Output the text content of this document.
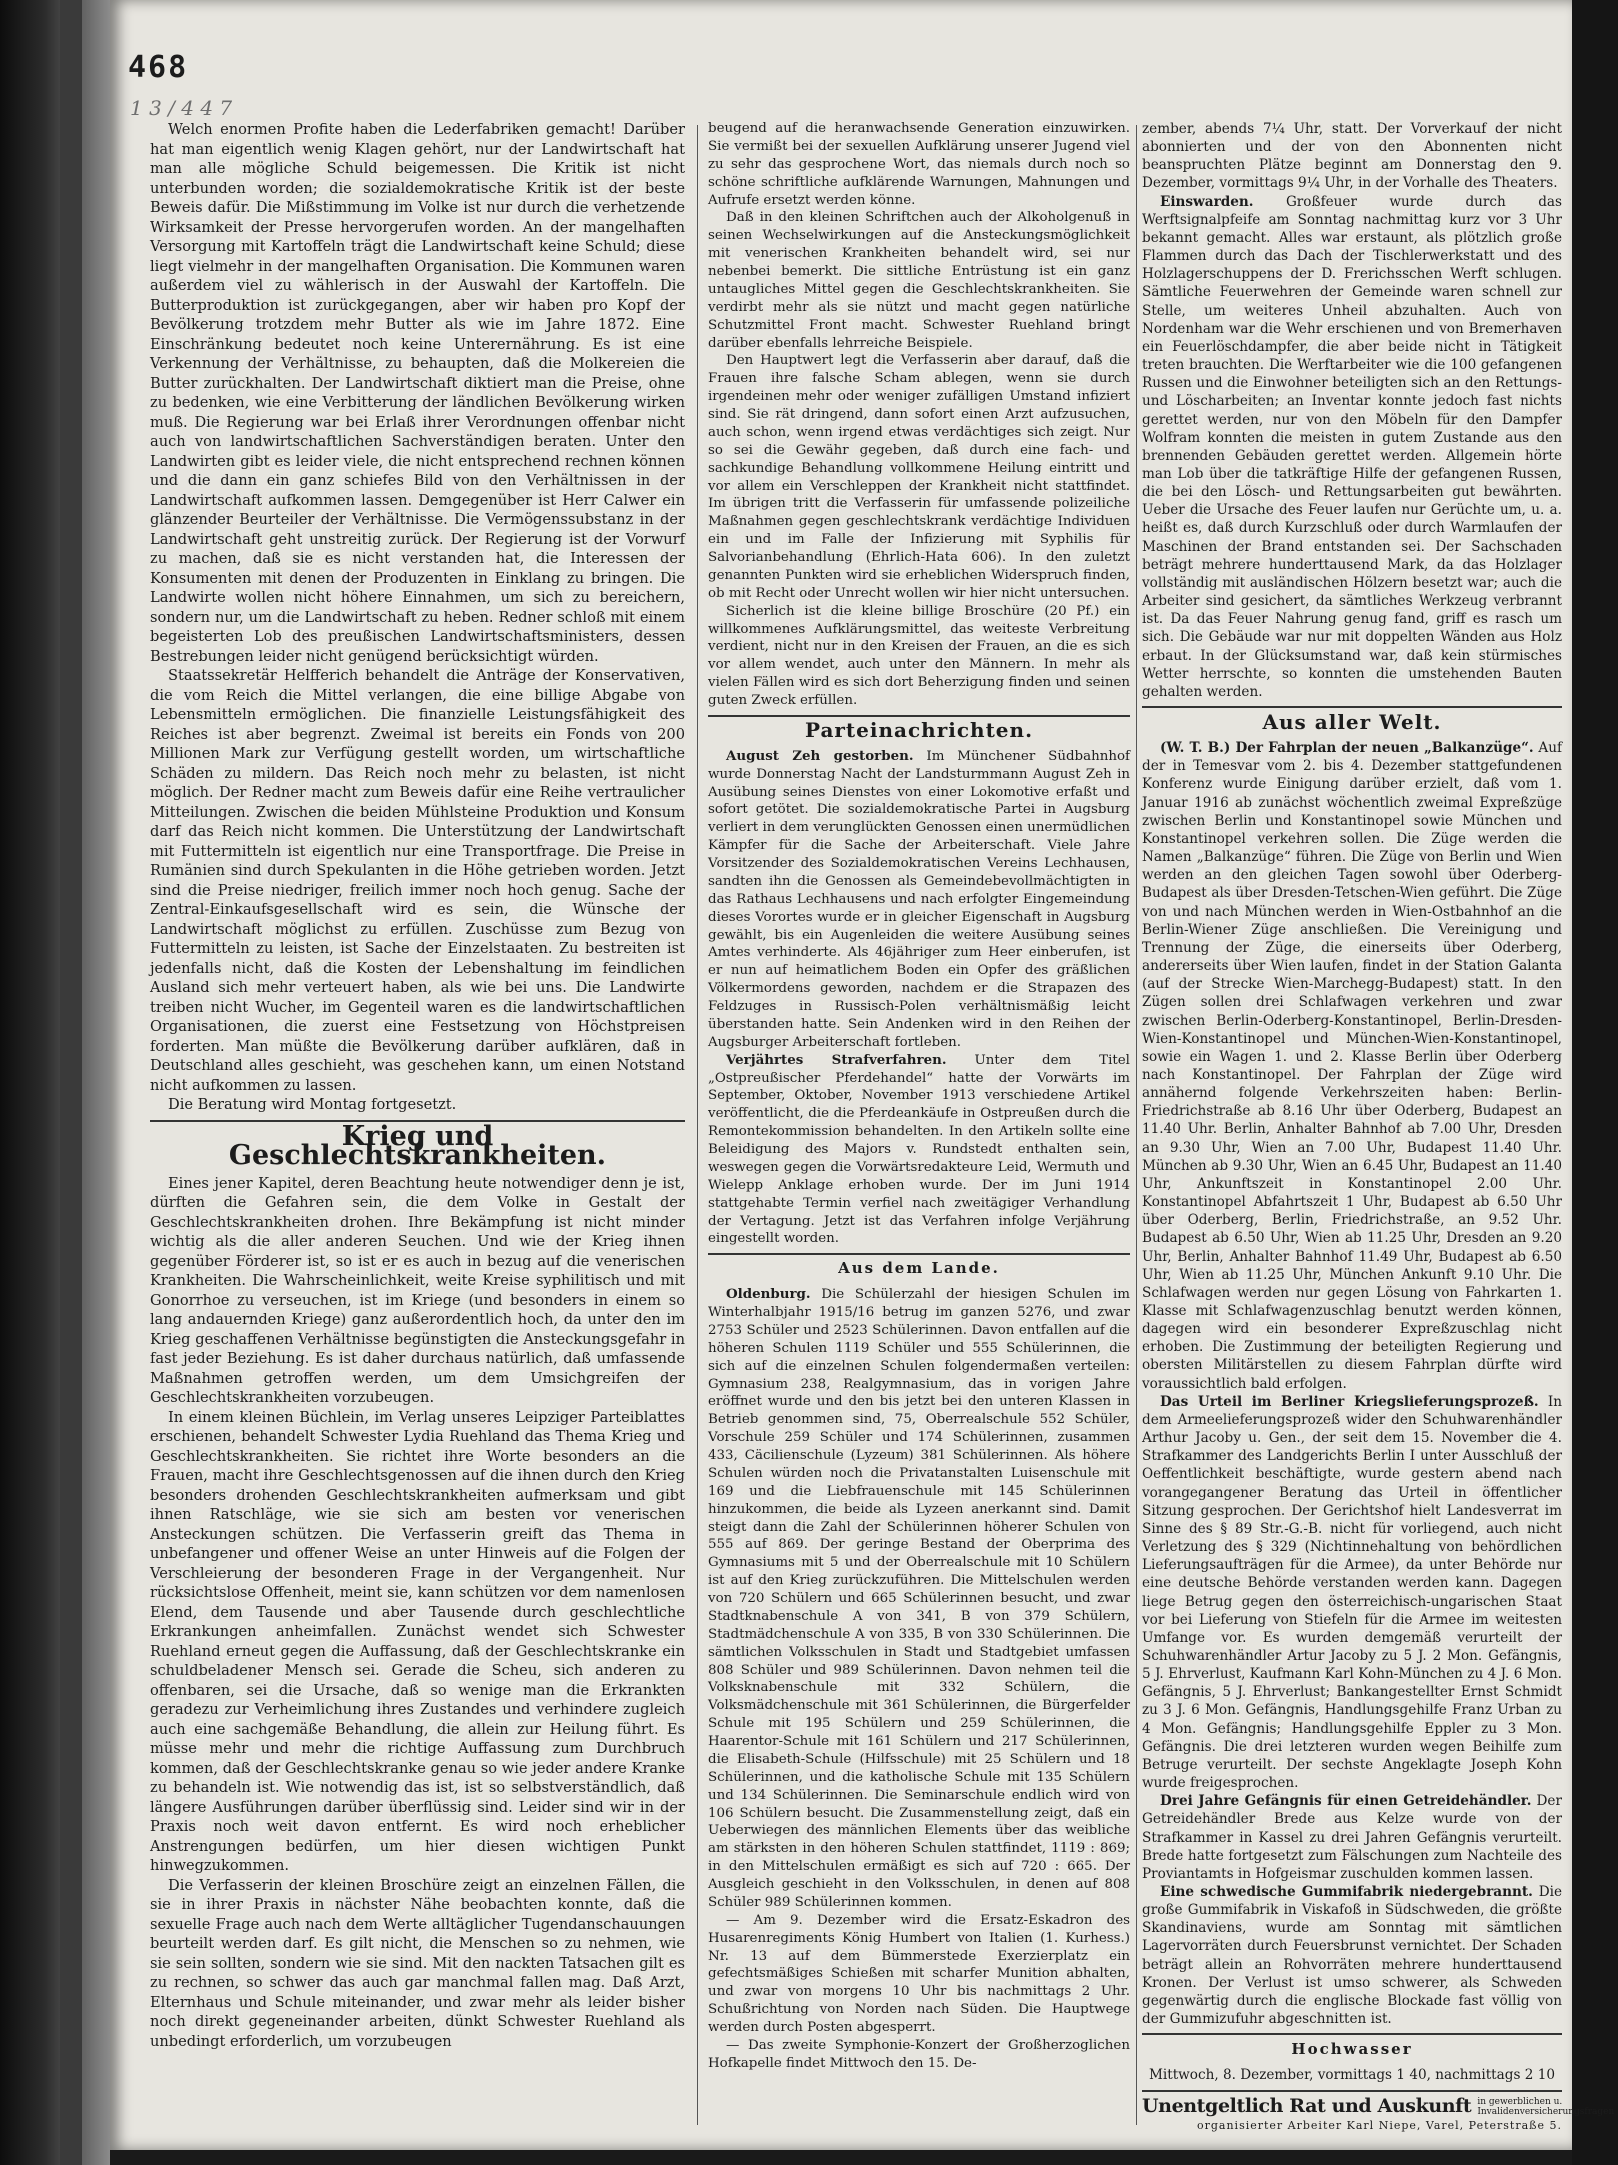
468
1 3 / 4 4 7

Welch enormen Profite haben die Lederfabriken gemacht! Darüber hat man eigentlich wenig Klagen gehört, nur der Landwirtschaft hat man alle mögliche Schuld beigemessen. Die Kritik ist nicht unterbunden worden; die sozialdemokratische Kritik ist der beste Beweis dafür. Die Mißstimmung im Volke ist nur durch die verhetzende Wirksamkeit der Presse hervorgerufen worden. An der mangelhaften Versorgung mit Kartoffeln trägt die Landwirtschaft keine Schuld; diese liegt vielmehr in der mangelhaften Organisation. Die Kommunen waren außerdem viel zu wählerisch in der Auswahl der Kartoffeln. Die Butterproduktion ist zurückgegangen, aber wir haben pro Kopf der Bevölkerung trotzdem mehr Butter als wie im Jahre 1872. Eine Einschränkung bedeutet noch keine Unterernährung. Es ist eine Verkennung der Verhältnisse, zu behaupten, daß die Molkereien die Butter zurückhalten. Der Landwirtschaft diktiert man die Preise, ohne zu bedenken, wie eine Verbitterung der ländlichen Bevölkerung wirken muß. Die Regierung war bei Erlaß ihrer Verordnungen offenbar nicht auch von landwirtschaftlichen Sachverständigen beraten. Unter den Landwirten gibt es leider viele, die nicht entsprechend rechnen können und die dann ein ganz schiefes Bild von den Verhältnissen in der Landwirtschaft aufkommen lassen. Demgegenüber ist Herr Calwer ein glänzender Beurteiler der Verhältnisse. Die Vermögenssubstanz in der Landwirtschaft geht unstreitig zurück. Der Regierung ist der Vorwurf zu machen, daß sie es nicht verstanden hat, die Interessen der Konsumenten mit denen der Produzenten in Einklang zu bringen. Die Landwirte wollen nicht höhere Einnahmen, um sich zu bereichern, sondern nur, um die Landwirtschaft zu heben. Redner schloß mit einem begeisterten Lob des preußischen Landwirtschaftsministers, dessen Bestrebungen leider nicht genügend berücksichtigt würden.

Staatssekretär Helfferich behandelt die Anträge der Konservativen, die vom Reich die Mittel verlangen, die eine billige Abgabe von Lebensmitteln ermöglichen. Die finanzielle Leistungsfähigkeit des Reiches ist aber begrenzt. Zweimal ist bereits ein Fonds von 200 Millionen Mark zur Verfügung gestellt worden, um wirtschaftliche Schäden zu mildern. Das Reich noch mehr zu belasten, ist nicht möglich. Der Redner macht zum Beweis dafür eine Reihe vertraulicher Mitteilungen. Zwischen die beiden Mühlsteine Produktion und Konsum darf das Reich nicht kommen. Die Unterstützung der Landwirtschaft mit Futtermitteln ist eigentlich nur eine Transportfrage. Die Preise in Rumänien sind durch Spekulanten in die Höhe getrieben worden. Jetzt sind die Preise niedriger, freilich immer noch hoch genug. Sache der Zentral-Einkaufsgesellschaft wird es sein, die Wünsche der Landwirtschaft möglichst zu erfüllen. Zuschüsse zum Bezug von Futtermitteln zu leisten, ist Sache der Einzelstaaten. Zu bestreiten ist jedenfalls nicht, daß die Kosten der Lebenshaltung im feindlichen Ausland sich mehr verteuert haben, als wie bei uns. Die Landwirte treiben nicht Wucher, im Gegenteil waren es die landwirtschaftlichen Organisationen, die zuerst eine Festsetzung von Höchstpreisen forderten. Man müßte die Bevölkerung darüber aufklären, daß in Deutschland alles geschieht, was geschehen kann, um einen Notstand nicht aufkommen zu lassen.

Die Beratung wird Montag fortgesetzt.

Krieg und Geschlechtskrankheiten.

Eines jener Kapitel, deren Beachtung heute notwendiger denn je ist, dürften die Gefahren sein, die dem Volke in Gestalt der Geschlechtskrankheiten drohen. Ihre Bekämpfung ist nicht minder wichtig als die aller anderen Seuchen. Und wie der Krieg ihnen gegenüber Förderer ist, so ist er es auch in bezug auf die venerischen Krankheiten. Die Wahrscheinlichkeit, weite Kreise syphilitisch und mit Gonorrhoe zu verseuchen, ist im Kriege (und besonders in einem so lang andauernden Kriege) ganz außerordentlich hoch, da unter den im Krieg geschaffenen Verhältnisse begünstigten die Ansteckungsgefahr in fast jeder Beziehung. Es ist daher durchaus natürlich, daß umfassende Maßnahmen getroffen werden, um dem Umsichgreifen der Geschlechtskrankheiten vorzubeugen.

In einem kleinen Büchlein, im Verlag unseres Leipziger Parteiblattes erschienen, behandelt Schwester Lydia Ruehland das Thema Krieg und Geschlechtskrankheiten. Sie richtet ihre Worte besonders an die Frauen, macht ihre Geschlechtsgenossen auf die ihnen durch den Krieg besonders drohenden Geschlechtskrankheiten aufmerksam und gibt ihnen Ratschläge, wie sie sich am besten vor venerischen Ansteckungen schützen. Die Verfasserin greift das Thema in unbefangener und offener Weise an unter Hinweis auf die Folgen der Verschleierung der besonderen Frage in der Vergangenheit. Nur rücksichtslose Offenheit, meint sie, kann schützen vor dem namenlosen Elend, dem Tausende und aber Tausende durch geschlechtliche Erkrankungen anheimfallen. Zunächst wendet sich Schwester Ruehland erneut gegen die Auffassung, daß der Geschlechtskranke ein schuldbeladener Mensch sei. Gerade die Scheu, sich anderen zu offenbaren, sei die Ursache, daß so wenige man die Erkrankten geradezu zur Verheimlichung ihres Zustandes und verhindere zugleich auch eine sachgemäße Behandlung, die allein zur Heilung führt. Es müsse mehr und mehr die richtige Auffassung zum Durchbruch kommen, daß der Geschlechtskranke genau so wie jeder andere Kranke zu behandeln ist. Wie notwendig das ist, ist so selbstverständlich, daß längere Ausführungen darüber überflüssig sind. Leider sind wir in der Praxis noch weit davon entfernt. Es wird noch erheblicher Anstrengungen bedürfen, um hier diesen wichtigen Punkt hinwegzukommen.

Die Verfasserin der kleinen Broschüre zeigt an einzelnen Fällen, die sie in ihrer Praxis in nächster Nähe beobachten konnte, daß die sexuelle Frage auch nach dem Werte alltäglicher Tugendanschauungen beurteilt werden darf. Es gilt nicht, die Menschen so zu nehmen, wie sie sein sollten, sondern wie sie sind. Mit den nackten Tatsachen gilt es zu rechnen, so schwer das auch gar manchmal fallen mag. Daß Arzt, Elternhaus und Schule miteinander, und zwar mehr als leider bisher noch direkt gegeneinander arbeiten, dünkt Schwester Ruehland als unbedingt erforderlich, um vorzubeugen

beugend auf die heranwachsende Generation einzuwirken. Sie vermißt bei der sexuellen Aufklärung unserer Jugend viel zu sehr das gesprochene Wort, das niemals durch noch so schöne schriftliche aufklärende Warnungen, Mahnungen und Aufrufe ersetzt werden könne.

Daß in den kleinen Schriftchen auch der Alkoholgenuß in seinen Wechselwirkungen auf die Ansteckungsmöglichkeit mit venerischen Krankheiten behandelt wird, sei nur nebenbei bemerkt. Die sittliche Entrüstung ist ein ganz untaugliches Mittel gegen die Geschlechtskrankheiten. Sie verdirbt mehr als sie nützt und macht gegen natürliche Schutzmittel Front macht. Schwester Ruehland bringt darüber ebenfalls lehrreiche Beispiele.

Den Hauptwert legt die Verfasserin aber darauf, daß die Frauen ihre falsche Scham ablegen, wenn sie durch irgendeinen mehr oder weniger zufälligen Umstand infiziert sind. Sie rät dringend, dann sofort einen Arzt aufzusuchen, auch schon, wenn irgend etwas verdächtiges sich zeigt. Nur so sei die Gewähr gegeben, daß durch eine fach- und sachkundige Behandlung vollkommene Heilung eintritt und vor allem ein Verschleppen der Krankheit nicht stattfindet. Im übrigen tritt die Verfasserin für umfassende polizeiliche Maßnahmen gegen geschlechtskrank verdächtige Individuen ein und im Falle der Infizierung mit Syphilis für Salvorianbehandlung (Ehrlich-Hata 606). In den zuletzt genannten Punkten wird sie erheblichen Widerspruch finden, ob mit Recht oder Unrecht wollen wir hier nicht untersuchen.

Sicherlich ist die kleine billige Broschüre (20 Pf.) ein willkommenes Aufklärungsmittel, das weiteste Verbreitung verdient, nicht nur in den Kreisen der Frauen, an die es sich vor allem wendet, auch unter den Männern. In mehr als vielen Fällen wird es sich dort Beherzigung finden und seinen guten Zweck erfüllen.

Parteinachrichten.

August Zeh gestorben. Im Münchener Südbahnhof wurde Donnerstag Nacht der Landsturmmann August Zeh in Ausübung seines Dienstes von einer Lokomotive erfaßt und sofort getötet. Die sozialdemokratische Partei in Augsburg verliert in dem verunglückten Genossen einen unermüdlichen Kämpfer für die Sache der Arbeiterschaft. Viele Jahre Vorsitzender des Sozialdemokratischen Vereins Lechhausen, sandten ihn die Genossen als Gemeindebevollmächtigten in das Rathaus Lechhausens und nach erfolgter Eingemeindung dieses Vorortes wurde er in gleicher Eigenschaft in Augsburg gewählt, bis ein Augenleiden die weitere Ausübung seines Amtes verhinderte. Als 46jähriger zum Heer einberufen, ist er nun auf heimatlichem Boden ein Opfer des gräßlichen Völkermordens geworden, nachdem er die Strapazen des Feldzuges in Russisch-Polen verhältnismäßig leicht überstanden hatte. Sein Andenken wird in den Reihen der Augsburger Arbeiterschaft fortleben.

Verjährtes Strafverfahren. Unter dem Titel „Ostpreußischer Pferdehandel“ hatte der Vorwärts im September, Oktober, November 1913 verschiedene Artikel veröffentlicht, die die Pferdeankäufe in Ostpreußen durch die Remontekommission behandelten. In den Artikeln sollte eine Beleidigung des Majors v. Rundstedt enthalten sein, weswegen gegen die Vorwärtsredakteure Leid, Wermuth und Wielepp Anklage erhoben wurde. Der im Juni 1914 stattgehabte Termin verfiel nach zweitägiger Verhandlung der Vertagung. Jetzt ist das Verfahren infolge Verjährung eingestellt worden.

Aus dem Lande.

Oldenburg. Die Schülerzahl der hiesigen Schulen im Winterhalbjahr 1915/16 betrug im ganzen 5276, und zwar 2753 Schüler und 2523 Schülerinnen. Davon entfallen auf die höheren Schulen 1119 Schüler und 555 Schülerinnen, die sich auf die einzelnen Schulen folgendermaßen verteilen: Gymnasium 238, Realgymnasium, das in vorigen Jahre eröffnet wurde und den bis jetzt bei den unteren Klassen in Betrieb genommen sind, 75, Oberrealschule 552 Schüler, Vorschule 259 Schüler und 174 Schülerinnen, zusammen 433, Cäcilienschule (Lyzeum) 381 Schülerinnen. Als höhere Schulen würden noch die Privatanstalten Luisenschule mit 169 und die Liebfrauenschule mit 145 Schülerinnen hinzukommen, die beide als Lyzeen anerkannt sind. Damit steigt dann die Zahl der Schülerinnen höherer Schulen von 555 auf 869. Der geringe Bestand der Oberprima des Gymnasiums mit 5 und der Oberrealschule mit 10 Schülern ist auf den Krieg zurückzuführen. Die Mittelschulen werden von 720 Schülern und 665 Schülerinnen besucht, und zwar Stadtknabenschule A von 341, B von 379 Schülern, Stadtmädchenschule A von 335, B von 330 Schülerinnen. Die sämtlichen Volksschulen in Stadt und Stadtgebiet umfassen 808 Schüler und 989 Schülerinnen. Davon nehmen teil die Volksknabenschule mit 332 Schülern, die Volksmädchenschule mit 361 Schülerinnen, die Bürgerfelder Schule mit 195 Schülern und 259 Schülerinnen, die Haarentor-Schule mit 161 Schülern und 217 Schülerinnen, die Elisabeth-Schule (Hilfsschule) mit 25 Schülern und 18 Schülerinnen, und die katholische Schule mit 135 Schülern und 134 Schülerinnen. Die Seminarschule endlich wird von 106 Schülern besucht. Die Zusammenstellung zeigt, daß ein Ueberwiegen des männlichen Elements über das weibliche am stärksten in den höheren Schulen stattfindet, 1119 : 869; in den Mittelschulen ermäßigt es sich auf 720 : 665. Der Ausgleich geschieht in den Volksschulen, in denen auf 808 Schüler 989 Schülerinnen kommen.

— Am 9. Dezember wird die Ersatz-Eskadron des Husarenregiments König Humbert von Italien (1. Kurhess.) Nr. 13 auf dem Bümmerstede Exerzierplatz ein gefechtsmäßiges Schießen mit scharfer Munition abhalten, und zwar von morgens 10 Uhr bis nachmittags 2 Uhr. Schußrichtung von Norden nach Süden. Die Hauptwege werden durch Posten abgesperrt.

— Das zweite Symphonie-Konzert der Großherzoglichen Hofkapelle findet Mittwoch den 15. De-

zember, abends 7¼ Uhr, statt. Der Vorverkauf der nicht abonnierten und der von den Abonnenten nicht beanspruchten Plätze beginnt am Donnerstag den 9. Dezember, vormittags 9¼ Uhr, in der Vorhalle des Theaters.

Einswarden. Großfeuer wurde durch das Werftsignalpfeife am Sonntag nachmittag kurz vor 3 Uhr bekannt gemacht. Alles war erstaunt, als plötzlich große Flammen durch das Dach der Tischlerwerkstatt und des Holzlagerschuppens der D. Frerichsschen Werft schlugen. Sämtliche Feuerwehren der Gemeinde waren schnell zur Stelle, um weiteres Unheil abzuhalten. Auch von Nordenham war die Wehr erschienen und von Bremerhaven ein Feuerlöschdampfer, die aber beide nicht in Tätigkeit treten brauchten. Die Werftarbeiter wie die 100 gefangenen Russen und die Einwohner beteiligten sich an den Rettungs- und Löscharbeiten; an Inventar konnte jedoch fast nichts gerettet werden, nur von den Möbeln für den Dampfer Wolfram konnten die meisten in gutem Zustande aus den brennenden Gebäuden gerettet werden. Allgemein hörte man Lob über die tatkräftige Hilfe der gefangenen Russen, die bei den Lösch- und Rettungsarbeiten gut bewährten. Ueber die Ursache des Feuer laufen nur Gerüchte um, u. a. heißt es, daß durch Kurzschluß oder durch Warmlaufen der Maschinen der Brand entstanden sei. Der Sachschaden beträgt mehrere hunderttausend Mark, da das Holzlager vollständig mit ausländischen Hölzern besetzt war; auch die Arbeiter sind gesichert, da sämtliches Werkzeug verbrannt ist. Da das Feuer Nahrung genug fand, griff es rasch um sich. Die Gebäude war nur mit doppelten Wänden aus Holz erbaut. In der Glücksumstand war, daß kein stürmisches Wetter herrschte, so konnten die umstehenden Bauten gehalten werden.

Aus aller Welt.

(W. T. B.) Der Fahrplan der neuen „Balkanzüge“. Auf der in Temesvar vom 2. bis 4. Dezember stattgefundenen Konferenz wurde Einigung darüber erzielt, daß vom 1. Januar 1916 ab zunächst wöchentlich zweimal Expreßzüge zwischen Berlin und Konstantinopel sowie München und Konstantinopel verkehren sollen. Die Züge werden die Namen „Balkanzüge“ führen. Die Züge von Berlin und Wien werden an den gleichen Tagen sowohl über Oderberg-Budapest als über Dresden-Tetschen-Wien geführt. Die Züge von und nach München werden in Wien-Ostbahnhof an die Berlin-Wiener Züge anschließen. Die Vereinigung und Trennung der Züge, die einerseits über Oderberg, andererseits über Wien laufen, findet in der Station Galanta (auf der Strecke Wien-Marchegg-Budapest) statt. In den Zügen sollen drei Schlafwagen verkehren und zwar zwischen Berlin-Oderberg-Konstantinopel, Berlin-Dresden-Wien-Konstantinopel und München-Wien-Konstantinopel, sowie ein Wagen 1. und 2. Klasse Berlin über Oderberg nach Konstantinopel. Der Fahrplan der Züge wird annähernd folgende Verkehrszeiten haben: Berlin-Friedrichstraße ab 8.16 Uhr über Oderberg, Budapest an 11.40 Uhr. Berlin, Anhalter Bahnhof ab 7.00 Uhr, Dresden an 9.30 Uhr, Wien an 7.00 Uhr, Budapest 11.40 Uhr. München ab 9.30 Uhr, Wien an 6.45 Uhr, Budapest an 11.40 Uhr, Ankunftszeit in Konstantinopel 2.00 Uhr. Konstantinopel Abfahrtszeit 1 Uhr, Budapest ab 6.50 Uhr über Oderberg, Berlin, Friedrichstraße, an 9.52 Uhr. Budapest ab 6.50 Uhr, Wien ab 11.25 Uhr, Dresden an 9.20 Uhr, Berlin, Anhalter Bahnhof 11.49 Uhr, Budapest ab 6.50 Uhr, Wien ab 11.25 Uhr, München Ankunft 9.10 Uhr. Die Schlafwagen werden nur gegen Lösung von Fahrkarten 1. Klasse mit Schlafwagenzuschlag benutzt werden können, dagegen wird ein besonderer Expreßzuschlag nicht erhoben. Die Zustimmung der beteiligten Regierung und obersten Militärstellen zu diesem Fahrplan dürfte wird voraussichtlich bald erfolgen.

Das Urteil im Berliner Kriegslieferungsprozeß. In dem Armeelieferungsprozeß wider den Schuhwarenhändler Arthur Jacoby u. Gen., der seit dem 15. November die 4. Strafkammer des Landgerichts Berlin I unter Ausschluß der Oeffentlichkeit beschäftigte, wurde gestern abend nach vorangegangener Beratung das Urteil in öffentlicher Sitzung gesprochen. Der Gerichtshof hielt Landesverrat im Sinne des § 89 Str.-G.-B. nicht für vorliegend, auch nicht Verletzung des § 329 (Nichtinnehaltung von behördlichen Lieferungsaufträgen für die Armee), da unter Behörde nur eine deutsche Behörde verstanden werden kann. Dagegen liege Betrug gegen den österreichisch-ungarischen Staat vor bei Lieferung von Stiefeln für die Armee im weitesten Umfange vor. Es wurden demgemäß verurteilt der Schuhwarenhändler Artur Jacoby zu 5 J. 2 Mon. Gefängnis, 5 J. Ehrverlust, Kaufmann Karl Kohn-München zu 4 J. 6 Mon. Gefängnis, 5 J. Ehrverlust; Bankangestellter Ernst Schmidt zu 3 J. 6 Mon. Gefängnis, Handlungsgehilfe Franz Urban zu 4 Mon. Gefängnis; Handlungsgehilfe Eppler zu 3 Mon. Gefängnis. Die drei letzteren wurden wegen Beihilfe zum Betruge verurteilt. Der sechste Angeklagte Joseph Kohn wurde freigesprochen.

Drei Jahre Gefängnis für einen Getreidehändler. Der Getreidehändler Brede aus Kelze wurde von der Strafkammer in Kassel zu drei Jahren Gefängnis verurteilt. Brede hatte fortgesetzt zum Fälschungen zum Nachteile des Proviantamts in Hofgeismar zuschulden kommen lassen.

Eine schwedische Gummifabrik niedergebrannt. Die große Gummifabrik in Viskafoß in Südschweden, die größte Skandinaviens, wurde am Sonntag mit sämtlichen Lagervorräten durch Feuersbrunst vernichtet. Der Schaden beträgt allein an Rohvorräten mehrere hunderttausend Kronen. Der Verlust ist umso schwerer, als Schweden gegenwärtig durch die englische Blockade fast völlig von der Gummizufuhr abgeschnitten ist.

Hochwasser

Mittwoch, 8. Dezember, vormittags 1 40, nachmittags 2 10

Unentgeltlich Rat und Auskunft in gewerblichen u. Invalidenversicherungsfragen
organisierter Arbeiter Karl Niepe, Varel, Peterstraße 5.
